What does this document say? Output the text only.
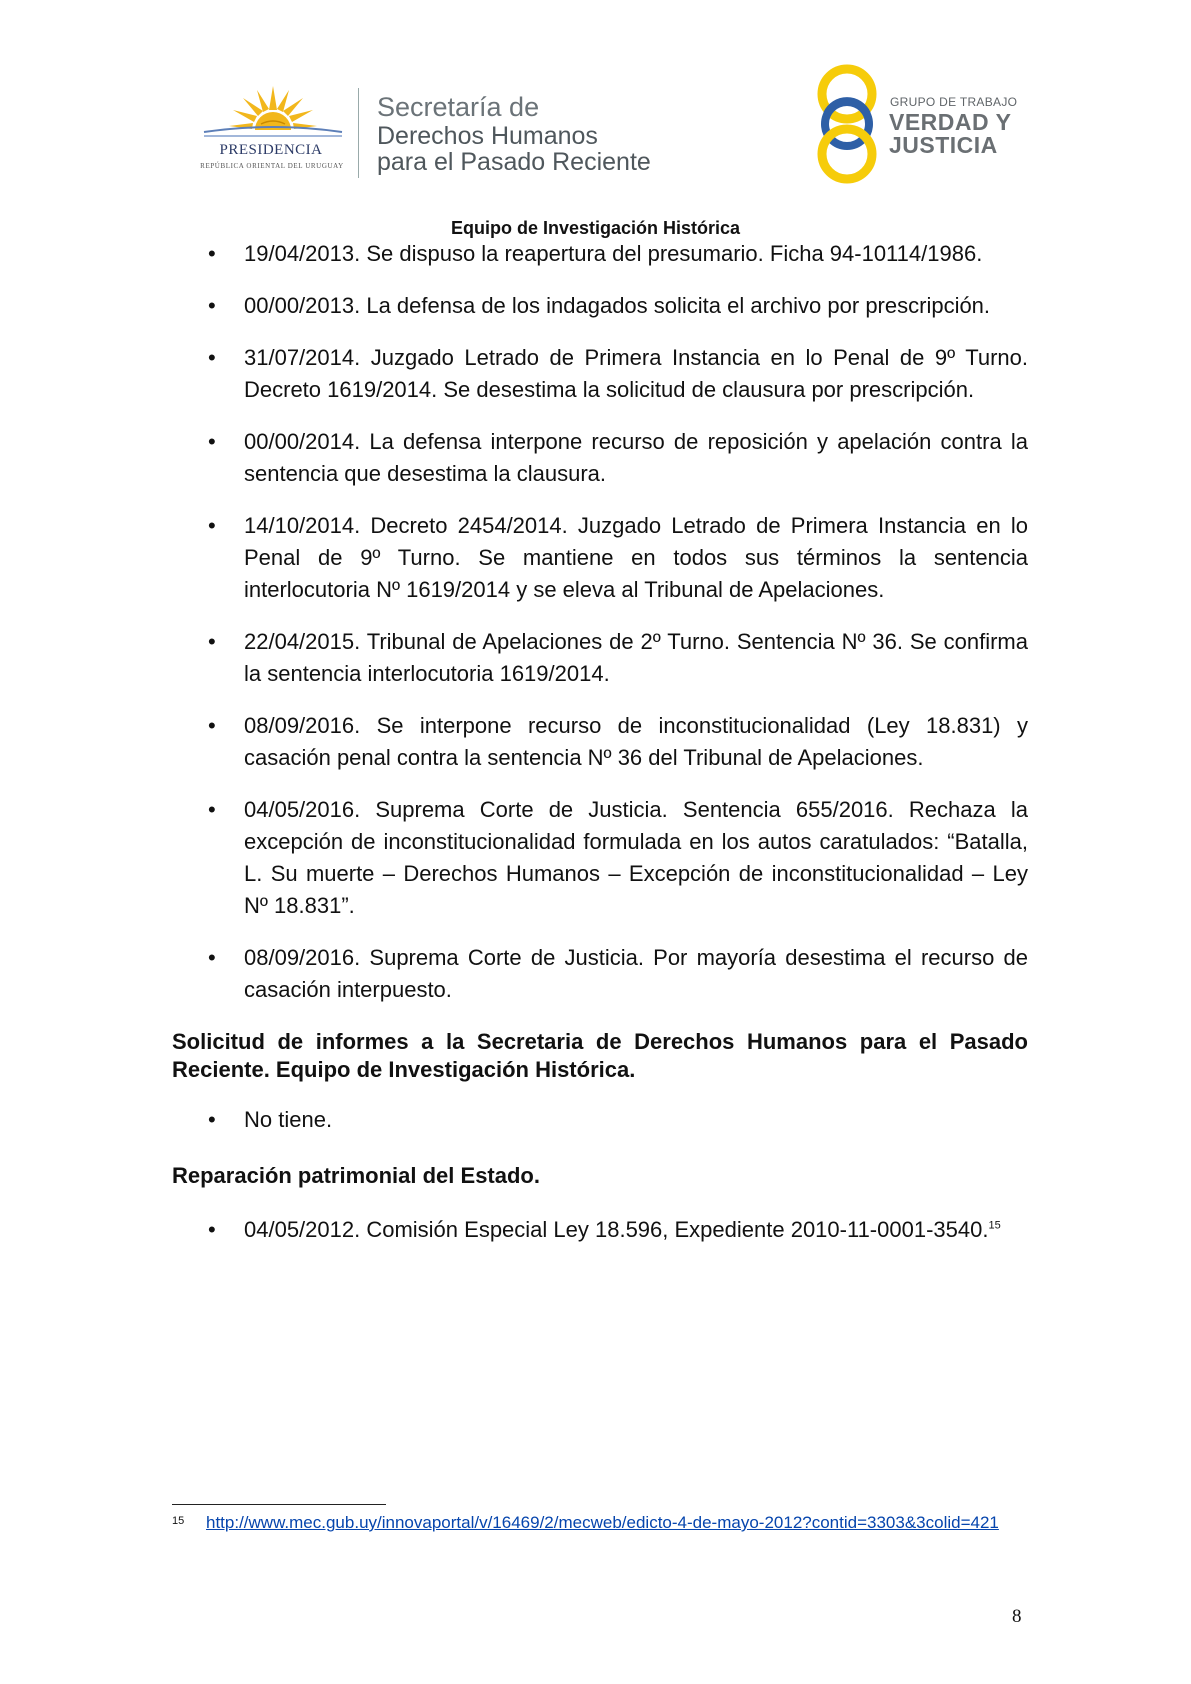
PRESIDENCIA
REPÚBLICA ORIENTAL DEL URUGUAY
Secretaría de
Derechos Humanos
para el Pasado Reciente
GRUPO DE TRABAJO
VERDAD Y
JUSTICIA
Equipo de Investigación Histórica
• 19/04/2013. Se dispuso la reapertura del presumario. Ficha 94-10114/1986.
• 00/00/2013. La defensa de los indagados solicita el archivo por prescripción.
• 31/07/2014. Juzgado Letrado de Primera Instancia en lo Penal de 9º Turno. Decreto 1619/2014. Se desestima la solicitud de clausura por prescripción.
• 00/00/2014. La defensa interpone recurso de reposición y apelación contra la sentencia que desestima la clausura.
• 14/10/2014. Decreto 2454/2014. Juzgado Letrado de Primera Instancia en lo Penal de 9º Turno. Se mantiene en todos sus términos la sentencia interlocutoria Nº 1619/2014 y se eleva al Tribunal de Apelaciones.
• 22/04/2015. Tribunal de Apelaciones de 2º Turno. Sentencia Nº 36. Se confirma la sentencia interlocutoria 1619/2014.
• 08/09/2016. Se interpone recurso de inconstitucionalidad (Ley 18.831) y casación penal contra la sentencia Nº 36 del Tribunal de Apelaciones.
• 04/05/2016. Suprema Corte de Justicia. Sentencia 655/2016. Rechaza la excepción de inconstitucionalidad formulada en los autos caratulados: “Batalla, L. Su muerte – Derechos Humanos – Excepción de inconstitucionalidad – Ley Nº 18.831”.
• 08/09/2016. Suprema Corte de Justicia. Por mayoría desestima el recurso de casación interpuesto.
Solicitud de informes a la Secretaria de Derechos Humanos para el Pasado Reciente. Equipo de Investigación Histórica.
• No tiene.
Reparación patrimonial del Estado.
• 04/05/2012. Comisión Especial Ley 18.596, Expediente 2010-11-0001-3540.15
15 http://www.mec.gub.uy/innovaportal/v/16469/2/mecweb/edicto-4-de-mayo-2012?contid=3303&3colid=421
8
